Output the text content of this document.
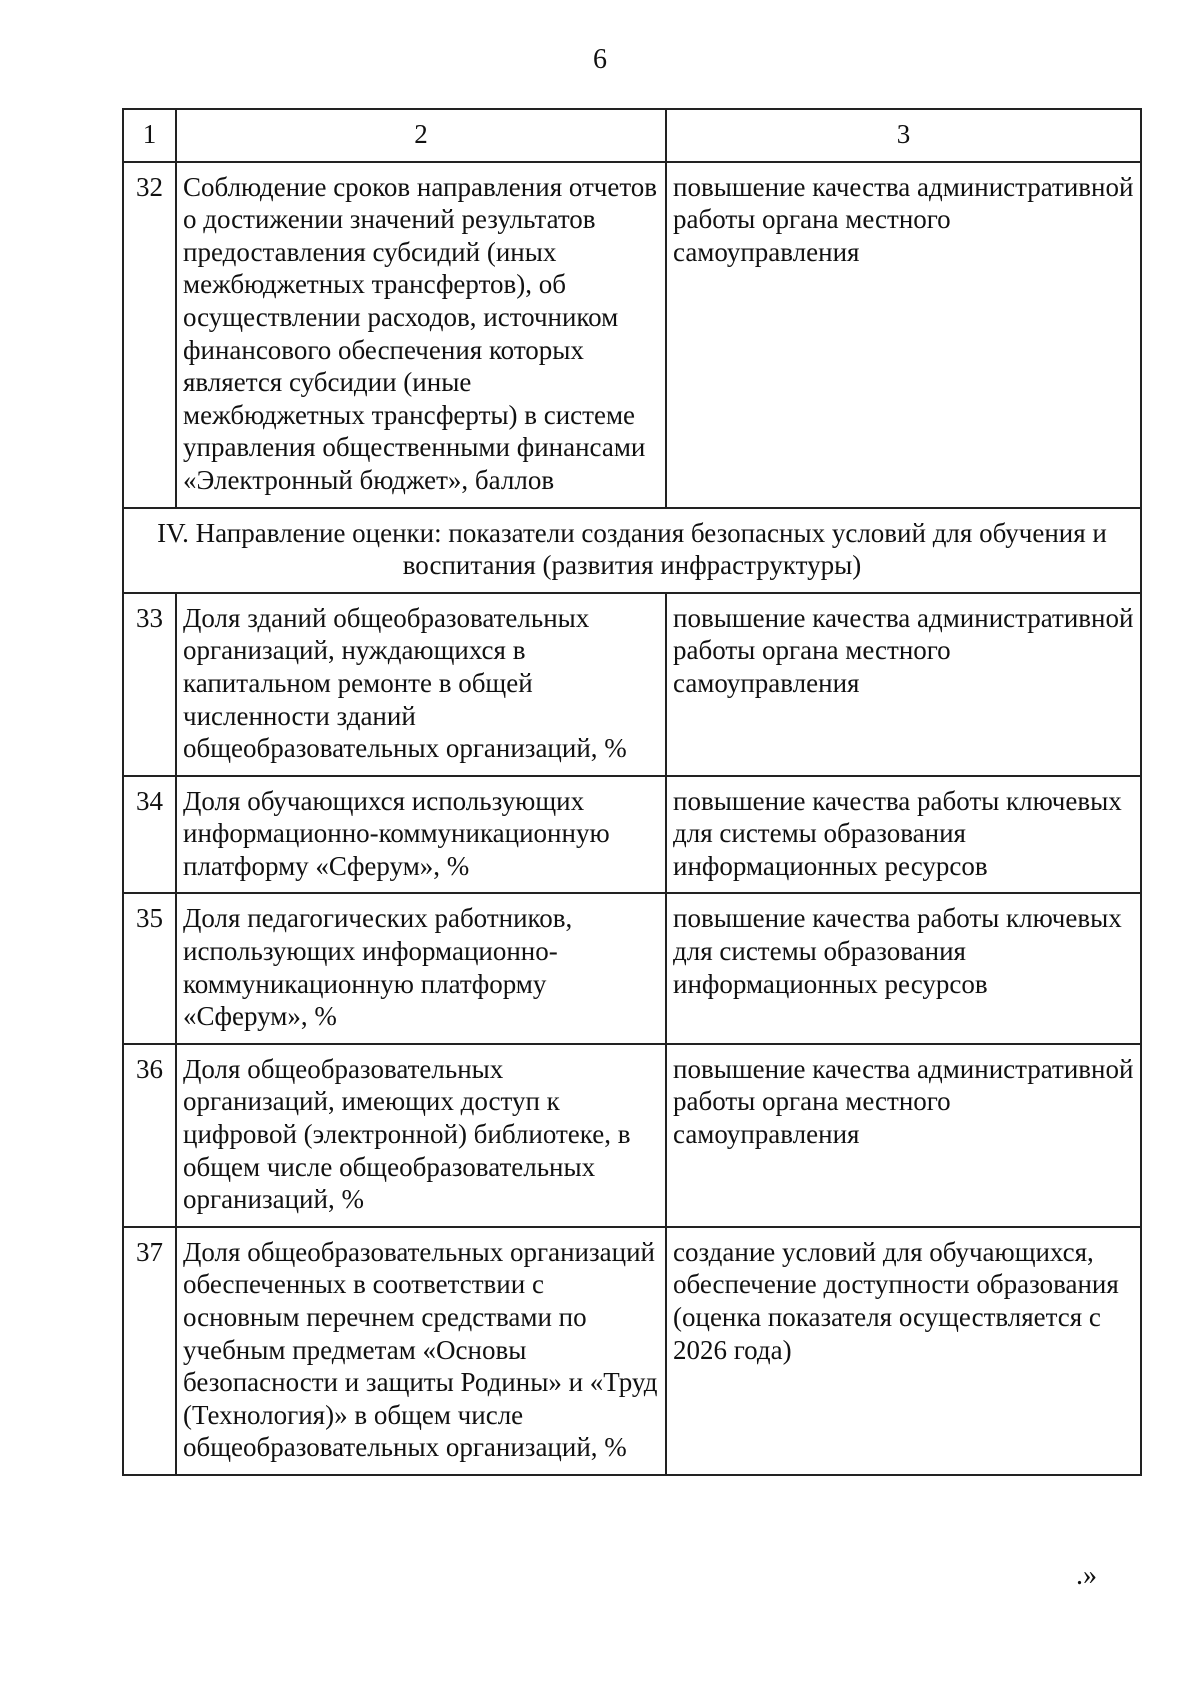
6
1	2	3
32	Соблюдение сроков направления отчетов о достижении значений результатов предоставления субсидий (иных межбюджетных трансфертов), об осуществлении расходов, источником финансового обеспечения которых является субсидии (иные межбюджетных трансферты) в системе управления общественными финансами «Электронный бюджет», баллов	повышение качества административной работы органа местного самоуправления
IV. Направление оценки: показатели создания безопасных условий для обучения и воспитания (развития инфраструктуры)		
33	Доля зданий общеобразовательных организаций, нуждающихся в капитальном ремонте в общей численности зданий общеобразовательных организаций, %	повышение качества административной работы органа местного самоуправления
34	Доля обучающихся использующих информационно-коммуникационную платформу «Сферум», %	повышение качества работы ключевых для системы образования информационных ресурсов
35	Доля педагогических работников, использующих информационно-коммуникационную платформу «Сферум», %	повышение качества работы ключевых для системы образования информационных ресурсов
36	Доля общеобразовательных организаций, имеющих доступ к цифровой (электронной) библиотеке, в общем числе общеобразовательных организаций, %	повышение качества административной работы органа местного самоуправления
37	Доля общеобразовательных организаций обеспеченных в соответствии с основным перечнем средствами по учебным предметам «Основы безопасности и защиты Родины» и «Труд (Технология)» в общем числе общеобразовательных организаций, %	создание условий для обучающихся, обеспечение доступности образования (оценка показателя осуществляется с 2026 года)
.»
